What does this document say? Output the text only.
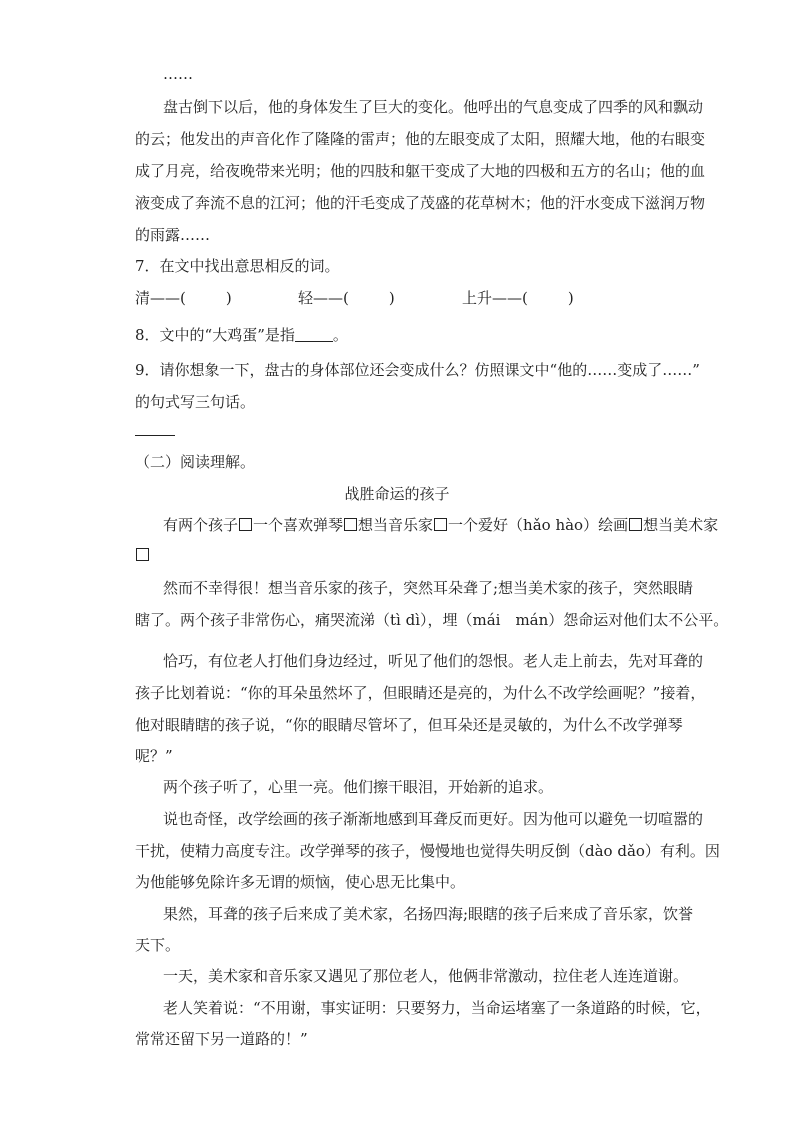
……
盘古倒下以后，他的身体发生了巨大的变化。他呼出的气息变成了四季的风和飘动
的云；他发出的声音化作了隆隆的雷声；他的左眼变成了太阳，照耀大地，他的右眼变
成了月亮，给夜晚带来光明；他的四肢和躯干变成了大地的四极和五方的名山；他的血
液变成了奔流不息的江河；他的汗毛变成了茂盛的花草树木；他的汗水变成下滋润万物
的雨露……
7．在文中找出意思相反的词。
清——(	)	轻——(	)	上升——(	)
8．文中的“大鸡蛋”是指	。
9．请你想象一下，盘古的身体部位还会变成什么？仿照课文中“他的……变成了……”
的句式写三句话。
（二）阅读理解。
战胜命运的孩子
有两个孩子 一个喜欢弹琴 想当音乐家 一个爱好（hǎo hào）绘画 想当美术家
然而不幸得很！想当音乐家的孩子，突然耳朵聋了;想当美术家的孩子，突然眼睛
瞎了。两个孩子非常伤心，痛哭流涕（tì dì），埋（mái　mán）怨命运对他们太不公平。
恰巧，有位老人打他们身边经过，听见了他们的怨恨。老人走上前去，先对耳聋的
孩子比划着说：“你的耳朵虽然坏了，但眼睛还是亮的，为什么不改学绘画呢？”接着，
他对眼睛瞎的孩子说，“你的眼睛尽管坏了，但耳朵还是灵敏的，为什么不改学弹琴
呢？”
两个孩子听了，心里一亮。他们擦干眼泪，开始新的追求。
说也奇怪，改学绘画的孩子渐渐地感到耳聋反而更好。因为他可以避免一切喧嚣的
干扰，使精力高度专注。改学弹琴的孩子，慢慢地也觉得失明反倒（dào dǎo）有利。因
为他能够免除许多无谓的烦恼，使心思无比集中。
果然，耳聋的孩子后来成了美术家，名扬四海;眼瞎的孩子后来成了音乐家，饮誉
天下。
一天，美术家和音乐家又遇见了那位老人，他俩非常激动，拉住老人连连道谢。
老人笑着说：“不用谢，事实证明：只要努力，当命运堵塞了一条道路的时候，它，
常常还留下另一道路的！”
